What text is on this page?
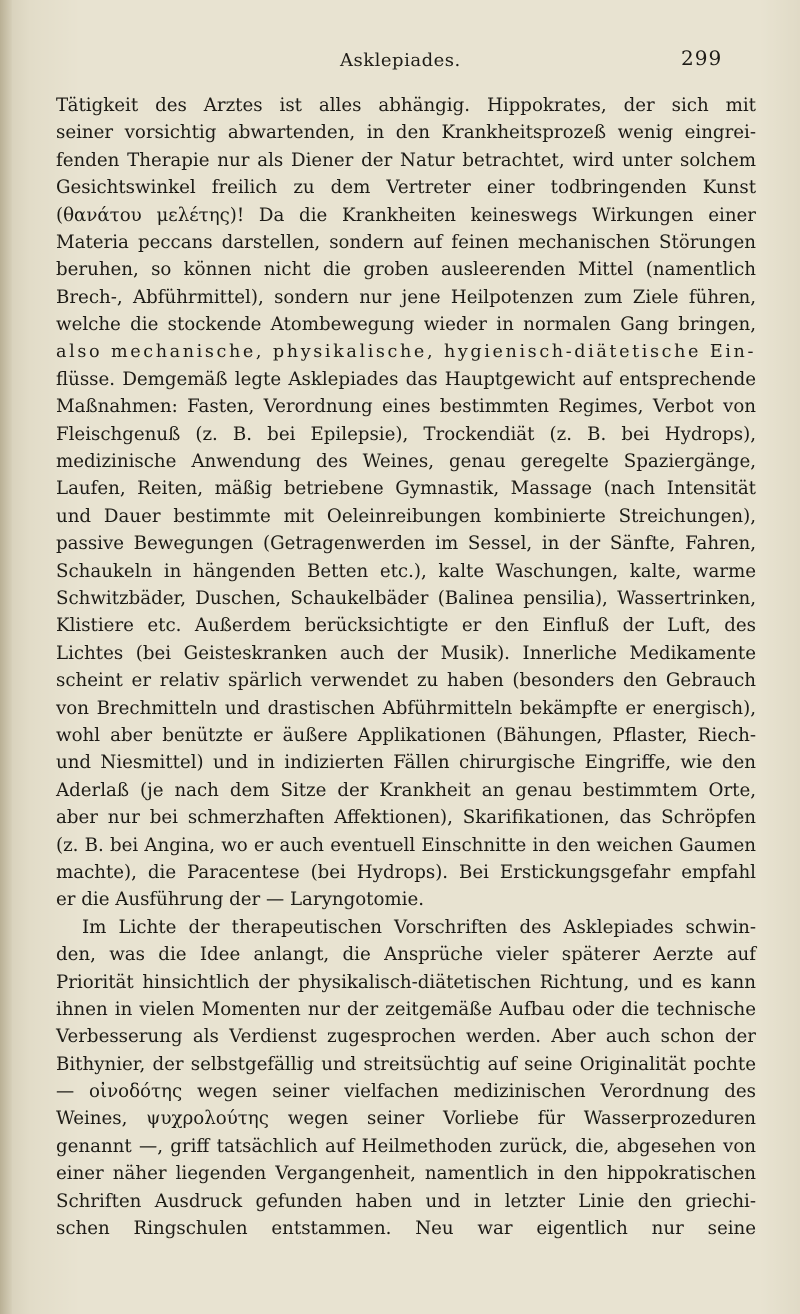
Asklepiades.	299
Tätigkeit des Arztes ist alles abhängig. Hippokrates, der sich mit
seiner vorsichtig abwartenden, in den Krankheitsprozeß wenig eingrei-
fenden Therapie nur als Diener der Natur betrachtet, wird unter solchem
Gesichtswinkel freilich zu dem Vertreter einer todbringenden Kunst
(θανάτου μελέτης)! Da die Krankheiten keineswegs Wirkungen einer
Materia peccans darstellen, sondern auf feinen mechanischen Störungen
beruhen, so können nicht die groben ausleerenden Mittel (namentlich
Brech-, Abführmittel), sondern nur jene Heilpotenzen zum Ziele führen,
welche die stockende Atombewegung wieder in normalen Gang bringen,
also mechanische, physikalische, hygienisch-diätetische Ein-
flüsse. Demgemäß legte Asklepiades das Hauptgewicht auf entsprechende
Maßnahmen: Fasten, Verordnung eines bestimmten Regimes, Verbot von
Fleischgenuß (z. B. bei Epilepsie), Trockendiät (z. B. bei Hydrops),
medizinische Anwendung des Weines, genau geregelte Spaziergänge,
Laufen, Reiten, mäßig betriebene Gymnastik, Massage (nach Intensität
und Dauer bestimmte mit Oeleinreibungen kombinierte Streichungen),
passive Bewegungen (Getragenwerden im Sessel, in der Sänfte, Fahren,
Schaukeln in hängenden Betten etc.), kalte Waschungen, kalte, warme
Schwitzbäder, Duschen, Schaukelbäder (Balinea pensilia), Wassertrinken,
Klistiere etc. Außerdem berücksichtigte er den Einfluß der Luft, des
Lichtes (bei Geisteskranken auch der Musik). Innerliche Medikamente
scheint er relativ spärlich verwendet zu haben (besonders den Gebrauch
von Brechmitteln und drastischen Abführmitteln bekämpfte er energisch),
wohl aber benützte er äußere Applikationen (Bähungen, Pflaster, Riech-
und Niesmittel) und in indizierten Fällen chirurgische Eingriffe, wie den
Aderlaß (je nach dem Sitze der Krankheit an genau bestimmtem Orte,
aber nur bei schmerzhaften Affektionen), Skarifikationen, das Schröpfen
(z. B. bei Angina, wo er auch eventuell Einschnitte in den weichen Gaumen
machte), die Paracentese (bei Hydrops). Bei Erstickungsgefahr empfahl
er die Ausführung der — Laryngotomie.
Im Lichte der therapeutischen Vorschriften des Asklepiades schwin-
den, was die Idee anlangt, die Ansprüche vieler späterer Aerzte auf
Priorität hinsichtlich der physikalisch-diätetischen Richtung, und es kann
ihnen in vielen Momenten nur der zeitgemäße Aufbau oder die technische
Verbesserung als Verdienst zugesprochen werden. Aber auch schon der
Bithynier, der selbstgefällig und streitsüchtig auf seine Originalität pochte
— οἰνοδότης wegen seiner vielfachen medizinischen Verordnung des
Weines, ψυχρολούτης wegen seiner Vorliebe für Wasserprozeduren
genannt —, griff tatsächlich auf Heilmethoden zurück, die, abgesehen von
einer näher liegenden Vergangenheit, namentlich in den hippokratischen
Schriften Ausdruck gefunden haben und in letzter Linie den griechi-
schen Ringschulen entstammen. Neu war eigentlich nur seine
